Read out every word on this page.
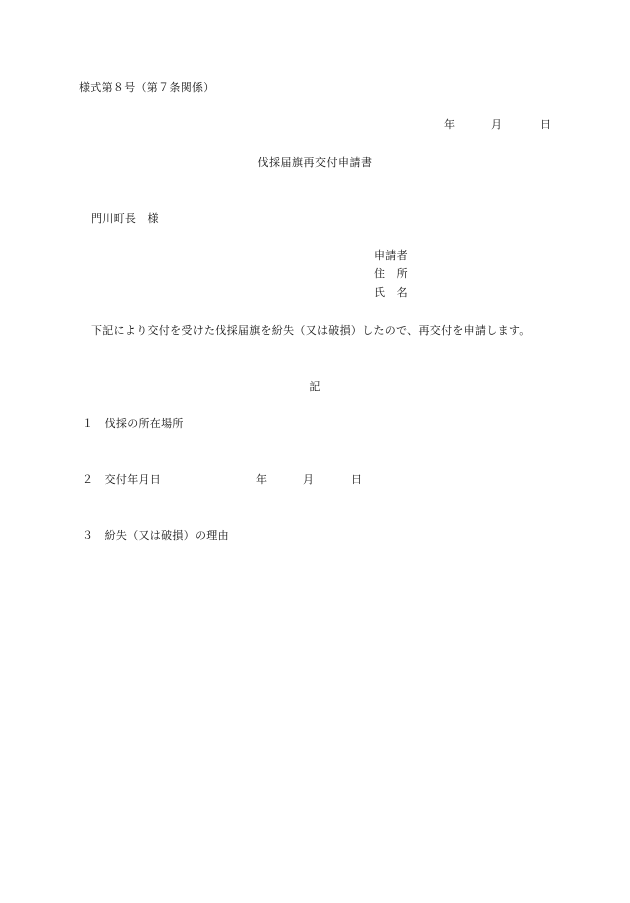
様式第８号（第７条関係）
年	月	日
伐採届旗再交付申請書
門川町長　様
申請者
住　所
氏　名
下記により交付を受けた伐採届旗を紛失（又は破損）したので、再交付を申請します。
記
１　伐採の所在場所
２　交付年月日	年	月	日
３　紛失（又は破損）の理由
